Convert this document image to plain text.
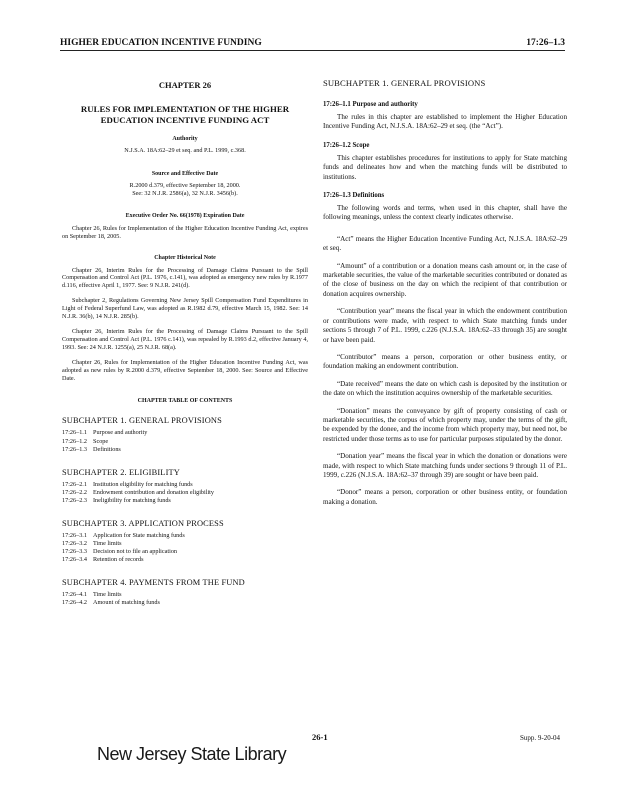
HIGHER EDUCATION INCENTIVE FUNDING	17:26–1.3
CHAPTER 26
RULES FOR IMPLEMENTATION OF THE HIGHER
EDUCATION INCENTIVE FUNDING ACT
Authority
N.J.S.A. 18A:62–29 et seq. and P.L. 1999, c.368.
Source and Effective Date
R.2000 d.379, effective September 18, 2000.
See: 32 N.J.R. 2586(a), 32 N.J.R. 3456(b).
Executive Order No. 66(1978) Expiration Date
Chapter 26, Rules for Implementation of the Higher Education Incentive Funding Act, expires on September 18, 2005.
Chapter Historical Note
Chapter 26, Interim Rules for the Processing of Damage Claims Pursuant to the Spill Compensation and Control Act (P.L. 1976, c.141), was adopted as emergency new rules by R.1977 d.116, effective April 1, 1977. See: 9 N.J.R. 241(d).
Subchapter 2, Regulations Governing New Jersey Spill Compensation Fund Expenditures in Light of Federal Superfund Law, was adopted as R.1982 d.79, effective March 15, 1982. See: 14 N.J.R. 36(b), 14 N.J.R. 285(b).
Chapter 26, Interim Rules for the Processing of Damage Claims Pursuant to the Spill Compensation and Control Act (P.L. 1976 c.141), was repealed by R.1993 d.2, effective January 4, 1993. See: 24 N.J.R. 1255(a), 25 N.J.R. 68(a).
Chapter 26, Rules for Implementation of the Higher Education Incentive Funding Act, was adopted as new rules by R.2000 d.379, effective September 18, 2000. See: Source and Effective Date.
CHAPTER TABLE OF CONTENTS
SUBCHAPTER 1. GENERAL PROVISIONS
17:26–1.1 Purpose and authority
17:26–1.2 Scope
17:26–1.3 Definitions
SUBCHAPTER 2. ELIGIBILITY
17:26–2.1 Institution eligibility for matching funds
17:26–2.2 Endowment contribution and donation eligibility
17:26–2.3 Ineligibility for matching funds
SUBCHAPTER 3. APPLICATION PROCESS
17:26–3.1 Application for State matching funds
17:26–3.2 Time limits
17:26–3.3 Decision not to file an application
17:26–3.4 Retention of records
SUBCHAPTER 4. PAYMENTS FROM THE FUND
17:26–4.1 Time limits
17:26–4.2 Amount of matching funds
SUBCHAPTER 1. GENERAL PROVISIONS
17:26–1.1 Purpose and authority
The rules in this chapter are established to implement the Higher Education Incentive Funding Act, N.J.S.A. 18A:62–29 et seq. (the “Act”).
17:26–1.2 Scope
This chapter establishes procedures for institutions to apply for State matching funds and delineates how and when the matching funds will be distributed to institutions.
17:26–1.3 Definitions
The following words and terms, when used in this chapter, shall have the following meanings, unless the context clearly indicates otherwise.
“Act” means the Higher Education Incentive Funding Act, N.J.S.A. 18A:62–29 et seq.
“Amount” of a contribution or a donation means cash amount or, in the case of marketable securities, the value of the marketable securities contributed or donated as of the close of business on the day on which the recipient of that contribution or donation acquires ownership.
“Contribution year” means the fiscal year in which the endowment contribution or contributions were made, with respect to which State matching funds under sections 5 through 7 of P.L. 1999, c.226 (N.J.S.A. 18A:62–33 through 35) are sought or have been paid.
“Contributor” means a person, corporation or other business entity, or foundation making an endowment contribution.
“Date received” means the date on which cash is deposited by the institution or the date on which the institution acquires ownership of the marketable securities.
“Donation” means the conveyance by gift of property consisting of cash or marketable securities, the corpus of which property may, under the terms of the gift, be expended by the donee, and the income from which property may, but need not, be restricted under those terms as to use for particular purposes stipulated by the donor.
“Donation year” means the fiscal year in which the donation or donations were made, with respect to which State matching funds under sections 9 through 11 of P.L. 1999, c.226 (N.J.S.A. 18A:62–37 through 39) are sought or have been paid.
“Donor” means a person, corporation or other business entity, or foundation making a donation.
26-1	Supp. 9-20-04
New Jersey State Library
